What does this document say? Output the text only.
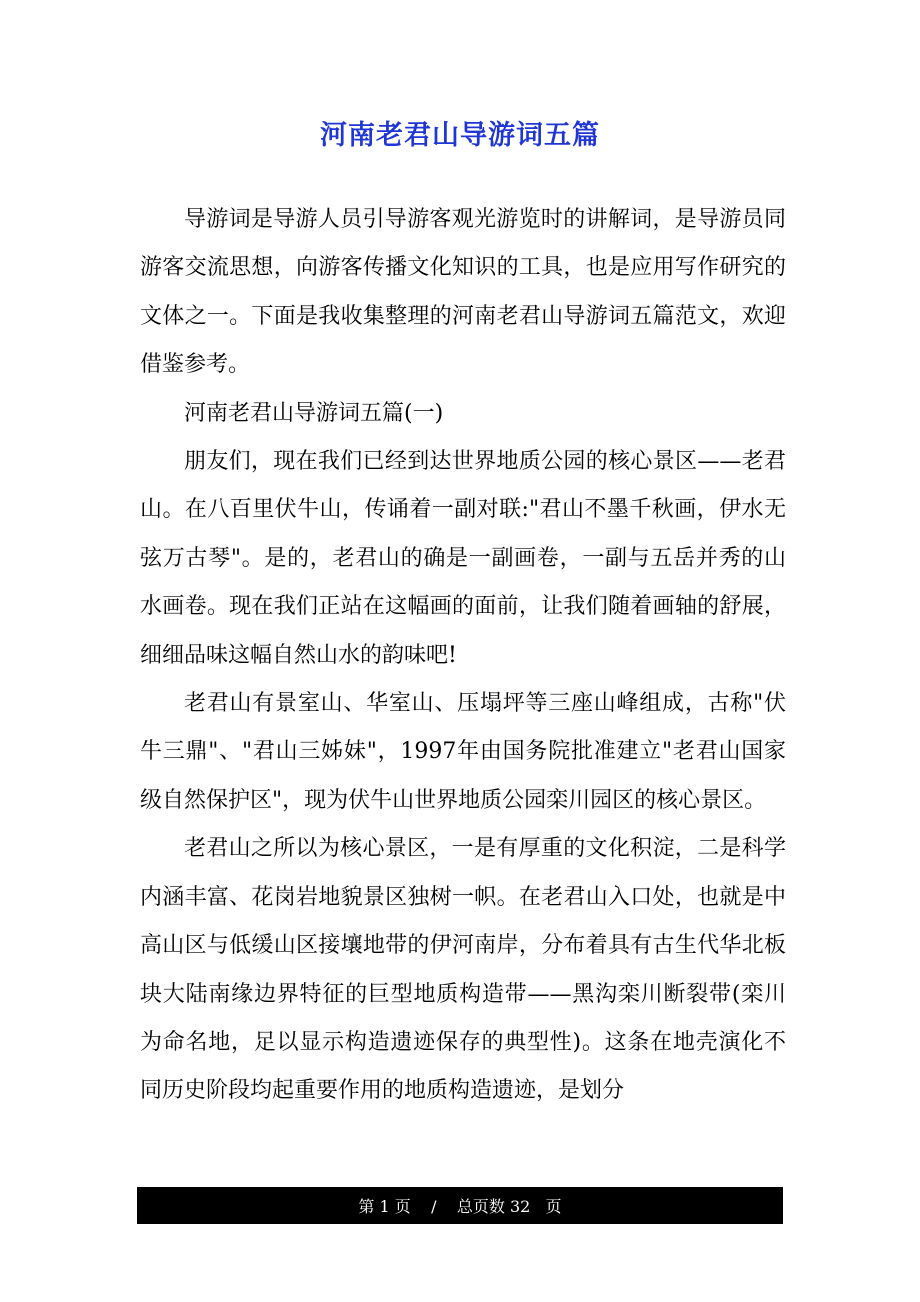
河南老君山导游词五篇

导游词是导游人员引导游客观光游览时的讲解词，是导游员同游客交流思想，向游客传播文化知识的工具，也是应用写作研究的文体之一。下面是我收集整理的河南老君山导游词五篇范文，欢迎借鉴参考。

河南老君山导游词五篇(一)

朋友们，现在我们已经到达世界地质公园的核心景区——老君山。在八百里伏牛山，传诵着一副对联:"君山不墨千秋画，伊水无弦万古琴"。是的，老君山的确是一副画卷，一副与五岳并秀的山水画卷。现在我们正站在这幅画的面前，让我们随着画轴的舒展，细细品味这幅自然山水的韵味吧!

老君山有景室山、华室山、压塌坪等三座山峰组成，古称"伏牛三鼎"、"君山三姊妹"，1997年由国务院批准建立"老君山国家级自然保护区"，现为伏牛山世界地质公园栾川园区的核心景区。

老君山之所以为核心景区，一是有厚重的文化积淀，二是科学内涵丰富、花岗岩地貌景区独树一帜。在老君山入口处，也就是中高山区与低缓山区接壤地带的伊河南岸，分布着具有古生代华北板块大陆南缘边界特征的巨型地质构造带——黑沟栾川断裂带(栾川为命名地，足以显示构造遗迹保存的典型性)。这条在地壳演化不同历史阶段均起重要作用的地质构造遗迹，是划分

第 1 页    /    总页数 32   页
